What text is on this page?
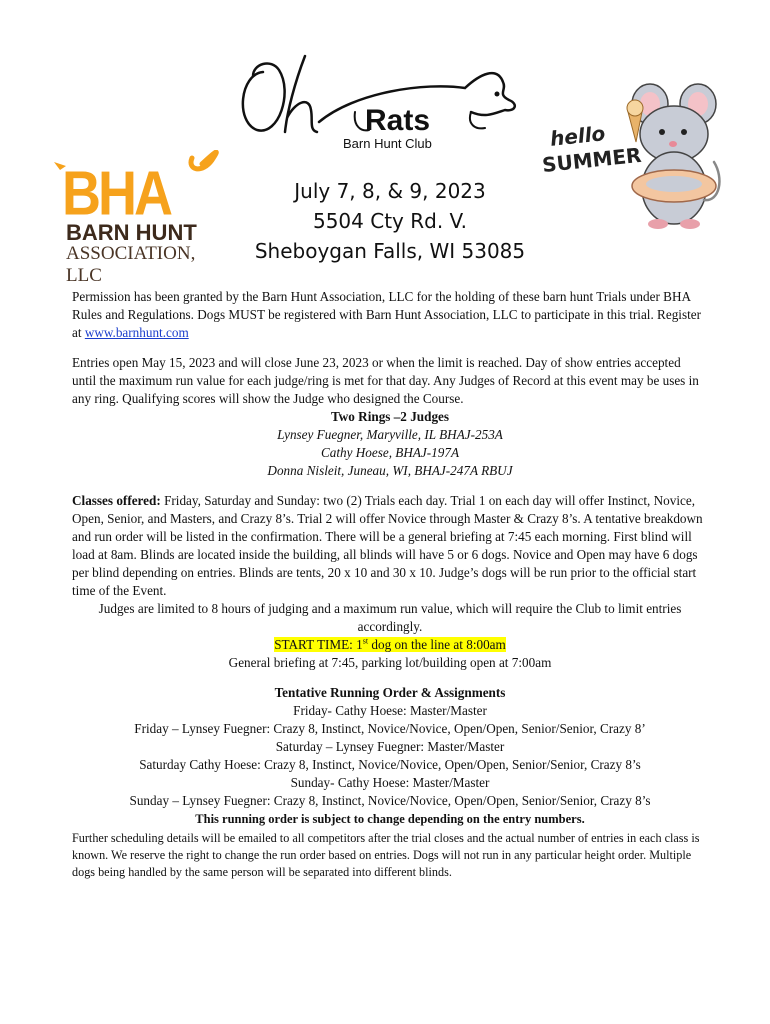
BHA
BARN HUNT
ASSOCIATION, LLC
Rats
Barn Hunt Club	hello
SUMMER
July 7, 8, & 9, 2023
5504 Cty Rd. V.
Sheboygan Falls, WI 53085

Permission has been granted by the Barn Hunt Association, LLC for the holding of these barn hunt Trials under BHA Rules and Regulations. Dogs MUST be registered with Barn Hunt Association, LLC to participate in this trial. Register at www.barnhunt.com

Entries open May 15, 2023 and will close June 23, 2023 or when the limit is reached. Day of show entries accepted until the maximum run value for each judge/ring is met for that day. Any Judges of Record at this event may be uses in any ring. Qualifying scores will show the Judge who designed the Course.

Two Rings –2 Judges
Lynsey Fuegner, Maryville, IL BHAJ-253A
Cathy Hoese, BHAJ-197A
Donna Nisleit, Juneau, WI, BHAJ-247A RBUJ

Classes offered: Friday, Saturday and Sunday: two (2) Trials each day. Trial 1 on each day will offer Instinct, Novice, Open, Senior, and Masters, and Crazy 8’s. Trial 2 will offer Novice through Master & Crazy 8’s. A tentative breakdown and run order will be listed in the confirmation. There will be a general briefing at 7:45 each morning. First blind will load at 8am. Blinds are located inside the building, all blinds will have 5 or 6 dogs. Novice and Open may have 6 dogs per blind depending on entries. Blinds are tents, 20 x 10 and 30 x 10. Judge’s dogs will be run prior to the official start time of the Event.

Judges are limited to 8 hours of judging and a maximum run value, which will require the Club to limit entries accordingly.
START TIME: 1st dog on the line at 8:00am
General briefing at 7:45, parking lot/building open at 7:00am
Tentative Running Order & Assignments
Friday- Cathy Hoese: Master/Master
Friday – Lynsey Fuegner: Crazy 8, Instinct, Novice/Novice, Open/Open, Senior/Senior, Crazy 8’
Saturday – Lynsey Fuegner: Master/Master
Saturday Cathy Hoese: Crazy 8, Instinct, Novice/Novice, Open/Open, Senior/Senior, Crazy 8’s
Sunday- Cathy Hoese: Master/Master
Sunday – Lynsey Fuegner: Crazy 8, Instinct, Novice/Novice, Open/Open, Senior/Senior, Crazy 8’s
This running order is subject to change depending on the entry numbers.

Further scheduling details will be emailed to all competitors after the trial closes and the actual number of entries in each class is known. We reserve the right to change the run order based on entries. Dogs will not run in any particular height order. Multiple dogs being handled by the same person will be separated into different blinds.
